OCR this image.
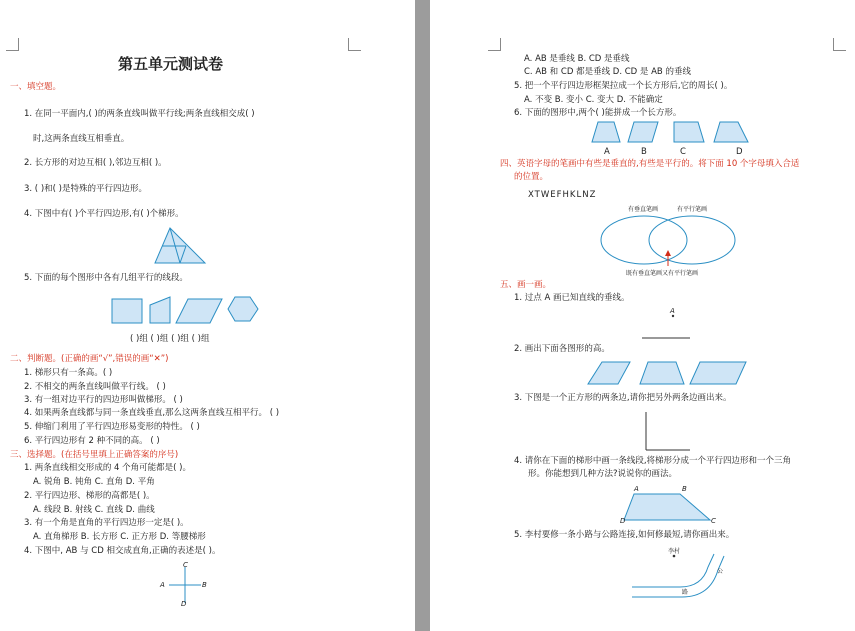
第五单元测试卷
一、填空题。
1. 在同一平面内,( )的两条直线叫做平行线;两条直线相交成( )
时,这两条直线互相垂直。
2. 长方形的对边互相( ),邻边互相( )。
3. ( )和( )是特殊的平行四边形。
4. 下图中有( )个平行四边形,有( )个梯形。
5. 下面的每个图形中各有几组平行的线段。
( )组 ( )组 ( )组 ( )组
二、判断题。(正确的画“√”,错误的画“✕”)
1. 梯形只有一条高。( )
2. 不相交的两条直线叫做平行线。 ( )
3. 有一组对边平行的四边形叫做梯形。 ( )
4. 如果两条直线都与同一条直线垂直,那么这两条直线互相平行。 ( )
5. 伸缩门利用了平行四边形易变形的特性。 ( )
6. 平行四边形有 2 种不同的高。 ( )
三、选择题。(在括号里填上正确答案的序号)
1. 两条直线相交形成的 4 个角可能都是( )。
A. 锐角 B. 钝角 C. 直角 D. 平角
2. 平行四边形、梯形的高都是( )。
A. 线段 B. 射线 C. 直线 D. 曲线
3. 有一个角是直角的平行四边形一定是( )。
A. 直角梯形 B. 长方形 C. 正方形 D. 等腰梯形
4. 下图中, AB 与 CD 相交成直角,正确的表述是( )。
A	B
C
D
A. AB 是垂线 B. CD 是垂线
C. AB 和 CD 都是垂线 D. CD 是 AB 的垂线
5. 把一个平行四边形框架拉成一个长方形后,它的周长( )。
A. 不变 B. 变小 C. 变大 D. 不能确定
6. 下面的图形中,两个( )能拼成一个长方形。
A	B	C	D
四、英语字母的笔画中有些是垂直的,有些是平行的。将下面 10 个字母填入合适
的位置。
XTWEFHKLNZ
有垂直笔画	有平行笔画
既有垂直笔画又有平行笔画
五、画一画。
1. 过点 A 画已知直线的垂线。
A
2. 画出下面各图形的高。
3. 下图是一个正方形的两条边,请你把另外两条边画出来。
4. 请你在下面的梯形中画一条线段,将梯形分成一个平行四边形和一个三角
形。你能想到几种方法?说说你的画法。
A	B
C
D
5. 李村要修一条小路与公路连接,如何修最短,请你画出来。
李村
公
路
